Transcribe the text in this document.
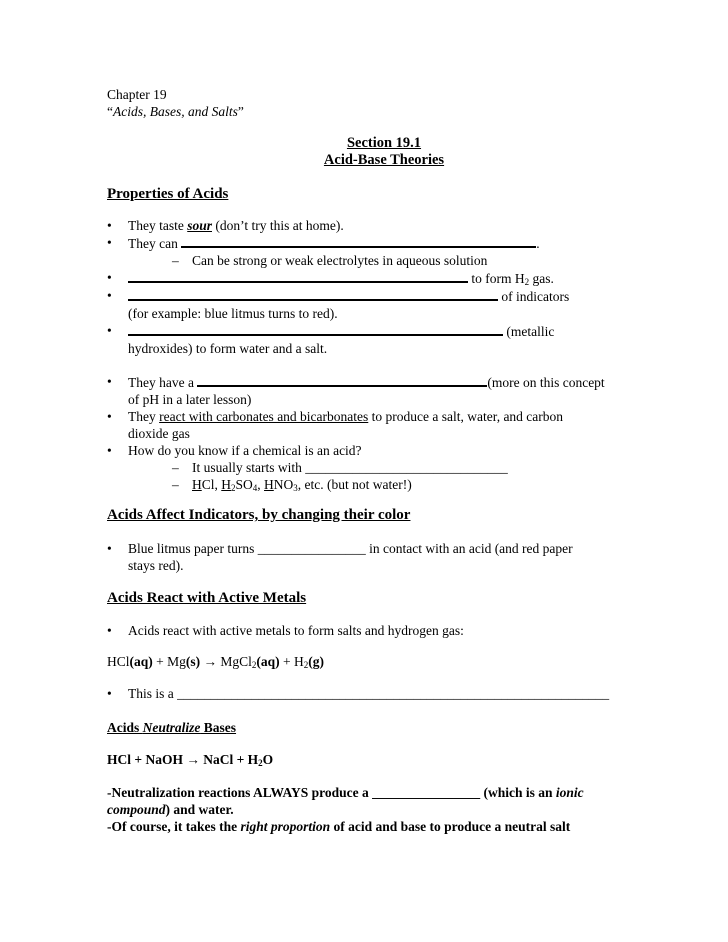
Chapter 19
“Acids, Bases, and Salts”
Section 19.1
Acid-Base Theories
Properties of Acids
• They taste sour (don’t try this at home).
• They can	.
– Can be strong or weak electrolytes in aqueous solution
• to form $H_2$ gas.
• of indicators
(for example: blue litmus turns to red).
• (metallic
hydroxides) to form water and a salt.
• They have a	(more on this concept
of pH in a later lesson)
• They react with carbonates and bicarbonates to produce a salt, water, and carbon
dioxide gas
• How do you know if a chemical is an acid?
– It usually starts with ______________________________
– HCl, $H_2SO_4$, $HNO_3$, etc. (but not water!)
Acids Affect Indicators, by changing their color
• Blue litmus paper turns ________________ in contact with an acid (and red paper
stays red).
Acids React with Active Metals
• Acids react with active metals to form salts and hydrogen gas:
HCl(aq) + Mg(s) → MgCl$_2$(aq) + $H_2(g)$
• This is a ________________________________________________________________
Acids Neutralize Bases
HCl + NaOH → NaCl + $H_2O$
-Neutralization reactions ALWAYS produce a ________________ (which is an ionic
compound) and water.
-Of course, it takes the right proportion of acid and base to produce a neutral salt
